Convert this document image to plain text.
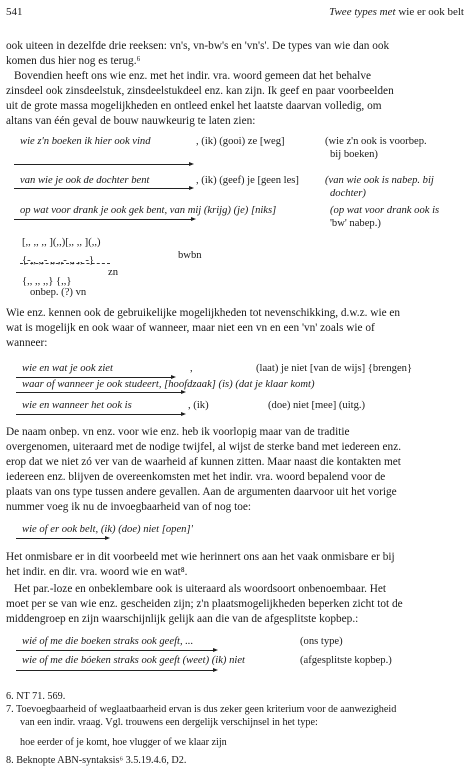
541	Twee types met wie er ook belt
ook uiteen in dezelfde drie reeksen: vn's, vn-bw's en 'vn's'. De types van wie dan ook
komen dus hier nog es terug.⁶
Bovendien heeft ons wie enz. met het indir. vra. woord gemeen dat het behalve
zinsdeel ook zinsdeelstuk, zinsdeelstukdeel enz. kan zijn. Ik geef en paar voorbeelden
uit de grote massa mogelijkheden en ontleed enkel het laatste daarvan volledig, om
altans van één geval de bouw nauwkeurig te laten zien:
wie z'n boeken ik hier ook vind	, (ik) (gooi) ze [weg]	(wie z'n ook is voorbep.
bij boeken)
van wie je ook de dochter bent	, (ik) (geef) je [geen les] (van wie ook is nabep. bij
dochter)
op wat voor drank je ook gek bent, van mij (krijg) (je) [niks]	(op wat voor drank ook is
'bw' nabep.)
[,, ,, ,, ](,,)[,, ,, ](,,)
bwbn
{-,, ,,- ,, ,,- ,, ,, -}
zn
{,, ,, ,,} {,,}
onbep. (?) vn
Wie enz. kennen ook de gebruikelijke mogelijkheden tot nevenschikking, d.w.z. wie en
wat is mogelijk en ook waar of wanneer, maar niet een vn en een 'vn' zoals wie of
wanneer:
wie en wat je ook ziet	,	(laat) je niet [van de wijs] {brengen}
waar of wanneer je ook studeert, [hoofdzaak] (is) (dat je klaar komt)
wie en wanneer het ook is	, (ik)	(doe) niet [mee] (uitg.)
De naam onbep. vn enz. voor wie enz. heb ik voorlopig maar van de traditie
overgenomen, uiteraard met de nodige twijfel, al wijst de sterke band met iedereen enz.
erop dat we niet zó ver van de waarheid af kunnen zitten. Maar naast die kontakten met
iedereen enz. blijven de overeenkomsten met het indir. vra. woord bepalend voor de
plaats van ons type tussen andere gevallen. Aan de argumenten daarvoor uit het vorige
nummer voeg ik nu de invoegbaarheid van of nog toe:
wie of er ook belt, (ik) (doe) niet [open]'
Het onmisbare er in dit voorbeeld met wie herinnert ons aan het vaak onmisbare er bij
het indir. en dir. vra. woord wie en wat⁸.
Het par.-loze en onbeklembare ook is uiteraard als woordsoort onbenoembaar. Het
moet per se van wie enz. gescheiden zijn; z'n plaatsmogelijkheden beperken zicht tot de
middengroep en zijn waarschijnlijk gelijk aan die van de afgesplitste kopbep.:
wié of me die boeken straks ook geeft, ...	(ons type)
wie of me die bóeken straks ook geeft (weet) (ik) niet	(afgesplitste kopbep.)
6. NT 71. 569.
7. Toevoegbaarheid of weglaatbaarheid ervan is dus zeker geen kriterium voor de aanwezigheid
van een indir. vraag. Vgl. trouwens een dergelijk verschijnsel in het type:
hoe eerder of je komt, hoe vlugger of we klaar zijn
8. Beknopte ABN-syntaksis⁶ 3.5.19.4.6, D2.
